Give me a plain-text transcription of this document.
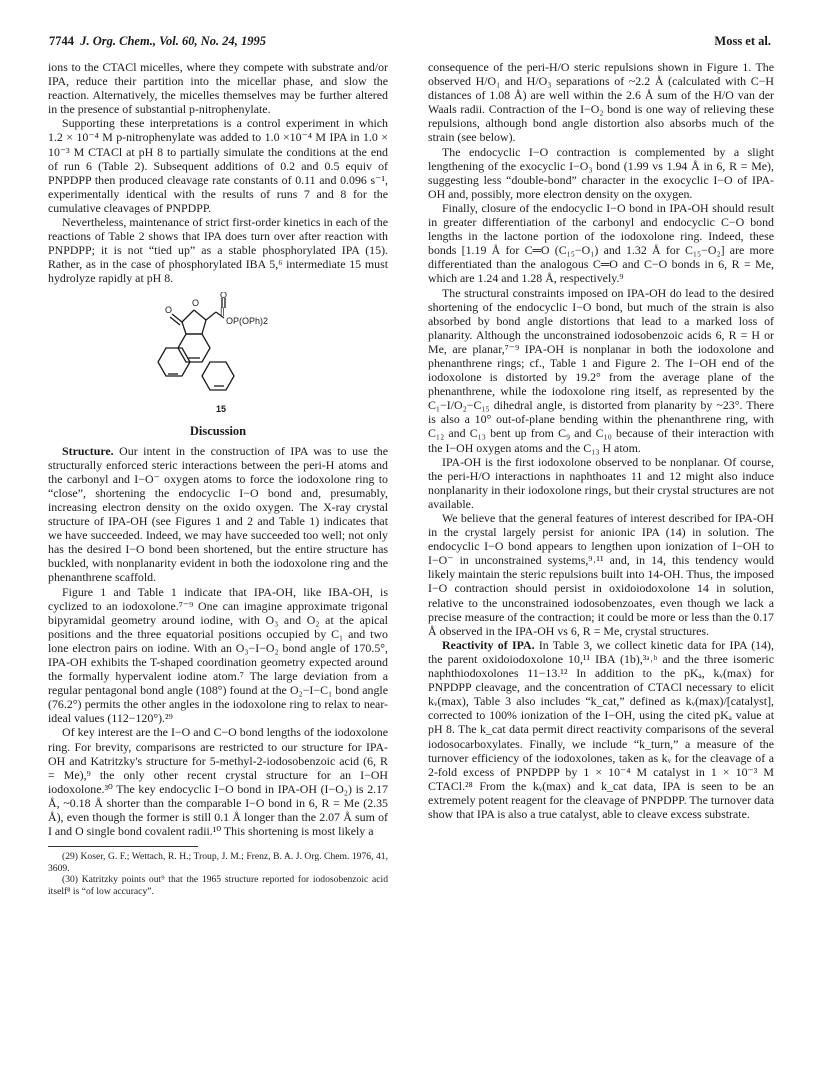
7744 J. Org. Chem., Vol. 60, No. 24, 1995	Moss et al.

ions to the CTACl micelles, where they compete with substrate and/or IPA, reduce their partition into the micellar phase, and slow the reaction. Alternatively, the micelles themselves may be further altered in the presence of substantial p-nitrophenylate.

Supporting these interpretations is a control experiment in which 1.2 × 10⁻⁴ M p-nitrophenylate was added to 1.0 ×10⁻⁴ M IPA in 1.0 × 10⁻³ M CTACl at pH 8 to partially simulate the conditions at the end of run 6 (Table 2). Subsequent additions of 0.2 and 0.5 equiv of PNPDPP then produced cleavage rate constants of 0.11 and 0.096 s⁻¹, experimentally identical with the results of runs 7 and 8 for the cumulative cleavages of PNPDPP.

Nevertheless, maintenance of strict first-order kinetics in each of the reactions of Table 2 shows that IPA does turn over after reaction with PNPDPP; it is not “tied up” as a stable phosphorylated IPA (15). Rather, as in the case of phosphorylated IBA 5,⁶ intermediate 15 must hydrolyze rapidly at pH 8.

O
O
O
||
OP(OPh)2
15
Discussion

Structure. Our intent in the construction of IPA was to use the structurally enforced steric interactions between the peri-H atoms and the carbonyl and I−O⁻ oxygen atoms to force the iodoxolone ring to “close”, shortening the endocyclic I−O bond and, presumably, increasing electron density on the oxido oxygen. The X-ray crystal structure of IPA-OH (see Figures 1 and 2 and Table 1) indicates that we have succeeded. Indeed, we may have succeeded too well; not only has the desired I−O bond been shortened, but the entire structure has buckled, with nonplanarity evident in both the iodoxolone ring and the phenanthrene scaffold.

Figure 1 and Table 1 indicate that IPA-OH, like IBA-OH, is cyclized to an iodoxolone.⁷⁻⁹ One can imagine approximate trigonal bipyramidal geometry around iodine, with O₃ and O₂ at the apical positions and the three equatorial positions occupied by C₁ and two lone electron pairs on iodine. With an O₃−I−O₂ bond angle of 170.5°, IPA-OH exhibits the T-shaped coordination geometry expected around the formally hypervalent iodine atom.⁷ The large deviation from a regular pentagonal bond angle (108°) found at the O₂−I−C₁ bond angle (76.2°) permits the other angles in the iodoxolone ring to relax to near-ideal values (112−120°).²⁹

Of key interest are the I−O and C−O bond lengths of the iodoxolone ring. For brevity, comparisons are restricted to our structure for IPA-OH and Katritzky's structure for 5-methyl-2-iodosobenzoic acid (6, R = Me),⁹ the only other recent crystal structure for an I−OH iodoxolone.³⁰ The key endocyclic I−O bond in IPA-OH (I−O₂) is 2.17 Å, ~0.18 Å shorter than the comparable I−O bond in 6, R = Me (2.35 Å), even though the former is still 0.1 Å longer than the 2.07 Å sum of I and O single bond covalent radii.¹⁰ This shortening is most likely a

(29) Koser, G. F.; Wettach, R. H.; Troup, J. M.; Frenz, B. A. J. Org. Chem. 1976, 41, 3609.

(30) Katritzky points out⁹ that the 1965 structure reported for iodosobenzoic acid itself⁸ is “of low accuracy”.

consequence of the peri-H/O steric repulsions shown in Figure 1. The observed H/O₁ and H/O₃ separations of ~2.2 Å (calculated with C−H distances of 1.08 Å) are well within the 2.6 Å sum of the H/O van der Waals radii. Contraction of the I−O₂ bond is one way of relieving these repulsions, although bond angle distortion also absorbs much of the strain (see below).

The endocyclic I−O contraction is complemented by a slight lengthening of the exocyclic I−O₃ bond (1.99 vs 1.94 Å in 6, R = Me), suggesting less “double-bond” character in the exocyclic I−O of IPA-OH and, possibly, more electron density on the oxygen.

Finally, closure of the endocyclic I−O bond in IPA-OH should result in greater differentiation of the carbonyl and endocyclic C−O bond lengths in the lactone portion of the iodoxolone ring. Indeed, these bonds [1.19 Å for C═O (C₁₅−O₁) and 1.32 Å for C₁₅−O₂] are more differentiated than the analogous C═O and C−O bonds in 6, R = Me, which are 1.24 and 1.28 Å, respectively.⁹

The structural constraints imposed on IPA-OH do lead to the desired shortening of the endocyclic I−O bond, but much of the strain is also absorbed by bond angle distortions that lead to a marked loss of planarity. Although the unconstrained iodosobenzoic acids 6, R = H or Me, are planar,⁷⁻⁹ IPA-OH is nonplanar in both the iodoxolone and phenanthrene rings; cf., Table 1 and Figure 2. The I−OH end of the iodoxolone is distorted by 19.2° from the average plane of the phenanthrene, while the iodoxolone ring itself, as represented by the C₁−I/O₂−C₁₅ dihedral angle, is distorted from planarity by ~23°. There is also a 10° out-of-plane bending within the phenanthrene ring, with C₁₂ and C₁₃ bent up from C₉ and C₁₀ because of their interaction with the I−OH oxygen atoms and the C₁₃ H atom.

IPA-OH is the first iodoxolone observed to be nonplanar. Of course, the peri-H/O interactions in naphthoates 11 and 12 might also induce nonplanarity in their iodoxolone rings, but their crystal structures are not available.

We believe that the general features of interest described for IPA-OH in the crystal largely persist for anionic IPA (14) in solution. The endocyclic I−O bond appears to lengthen upon ionization of I−OH to I−O⁻ in unconstrained systems,⁹˒¹¹ and, in 14, this tendency would likely maintain the steric repulsions built into 14-OH. Thus, the imposed I−O contraction should persist in oxidoiodoxolone 14 in solution, relative to the unconstrained iodosobenzoates, even though we lack a precise measure of the contraction; it could be more or less than the 0.17 Å observed in the IPA-OH vs 6, R = Me, crystal structures.

Reactivity of IPA. In Table 3, we collect kinetic data for IPA (14), the parent oxidoiodoxolone 10,¹¹ IBA (1b),³ᵃ˒ᵇ and the three isomeric naphthiodoxolones 11−13.¹² In addition to the pKₐ, kᵥ(max) for PNPDPP cleavage, and the concentration of CTACl necessary to elicit kᵥ(max), Table 3 also includes “k_cat,” defined as kᵥ(max)/[catalyst], corrected to 100% ionization of the I−OH, using the cited pKₐ value at pH 8. The k_cat data permit direct reactivity comparisons of the several iodosocarboxylates. Finally, we include “k_turn,” a measure of the turnover efficiency of the iodoxolones, taken as kᵥ for the cleavage of a 2-fold excess of PNPDPP by 1 × 10⁻⁴ M catalyst in 1 × 10⁻³ M CTACl.²⁸ From the kᵥ(max) and k_cat data, IPA is seen to be an extremely potent reagent for the cleavage of PNPDPP. The turnover data show that IPA is also a true catalyst, able to cleave excess substrate.
